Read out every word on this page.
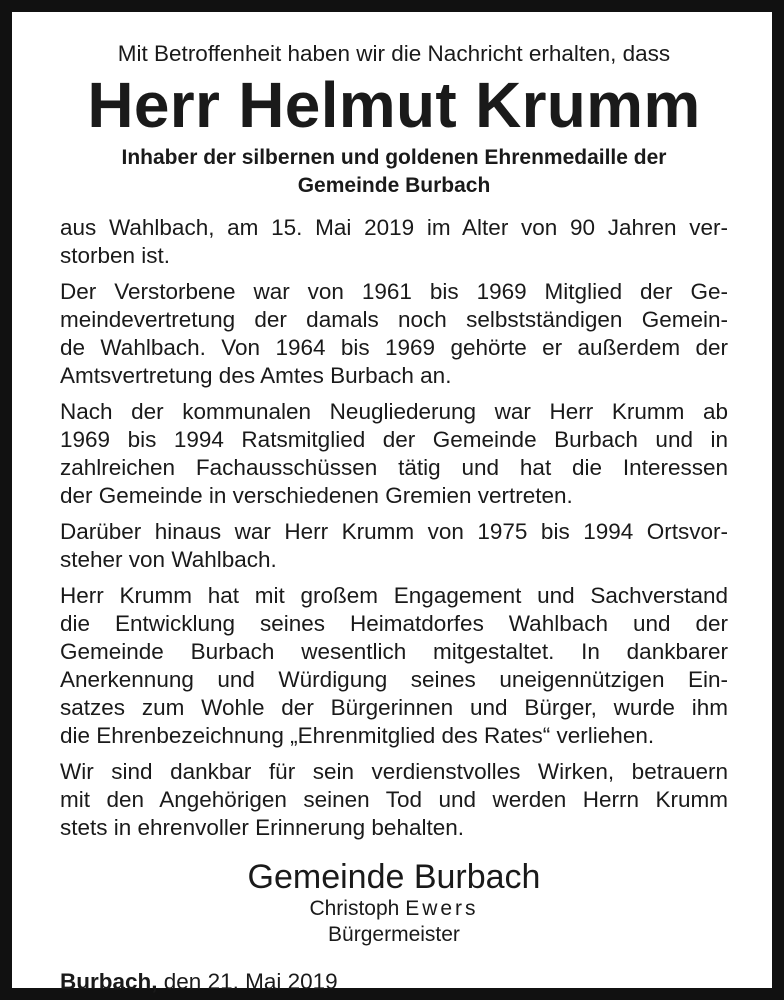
Mit Betroffenheit haben wir die Nachricht erhalten, dass

Herr Helmut Krumm
Inhaber der silbernen und goldenen Ehrenmedaille der
Gemeinde Burbach

aus Wahlbach, am 15. Mai 2019 im Alter von 90 Jahren ver-
storben ist.

Der Verstorbene war von 1961 bis 1969 Mitglied der Ge-
meindevertretung der damals noch selbstständigen Gemein-
de Wahlbach. Von 1964 bis 1969 gehörte er außerdem der
Amtsvertretung des Amtes Burbach an.

Nach der kommunalen Neugliederung war Herr Krumm ab
1969 bis 1994 Ratsmitglied der Gemeinde Burbach und in
zahlreichen Fachausschüssen tätig und hat die Interessen
der Gemeinde in verschiedenen Gremien vertreten.

Darüber hinaus war Herr Krumm von 1975 bis 1994 Ortsvor-
steher von Wahlbach.

Herr Krumm hat mit großem Engagement und Sachverstand
die Entwicklung seines Heimatdorfes Wahlbach und der
Gemeinde Burbach wesentlich mitgestaltet. In dankbarer
Anerkennung und Würdigung seines uneigennützigen Ein-
satzes zum Wohle der Bürgerinnen und Bürger, wurde ihm
die Ehrenbezeichnung „Ehrenmitglied des Rates“ verliehen.

Wir sind dankbar für sein verdienstvolles Wirken, betrauern
mit den Angehörigen seinen Tod und werden Herrn Krumm
stets in ehrenvoller Erinnerung behalten.

Gemeinde Burbach

Christoph Ewers

Bürgermeister

Burbach, den 21. Mai 2019
